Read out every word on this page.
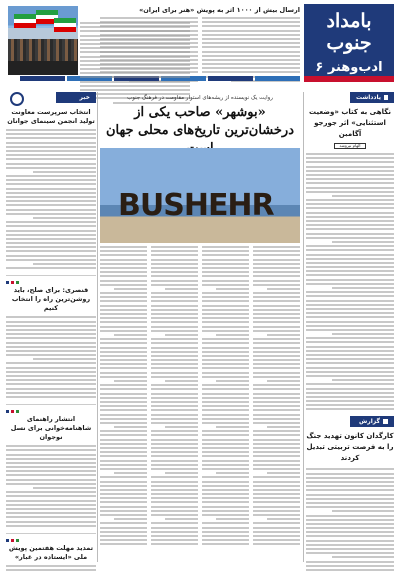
بامداد جنوب
ادب‌وهنر ۶
ارسال بیش از ۱۰۰۰ اثر به پویش «هنر برای ایران»
روایت یک نویسنده از ریشه‌های استوار مقاومت در فرهنگ جنوب
«بوشهر» صاحب یکی از درخشان‌ترین تاریخ‌های محلی جهان
BUSHEHR
یادداشت
نگاهی به کتاب «وضعیت استثنایی» اثر جورجو آگامبن
الهام نیرومند
گزارش
کارگدان کانون تهدید جنگ را به فرصت تربیتی تبدیل کردند
خبر
انتخاب سرپرست معاونت تولید انجمن سینمای جوانان
قنصری: برای صلح، باید روشن‌ترین راه را انتخاب کنیم
انتشار راهنمای شاهنامه‌خوانی برای نسل نوجوان
تمدید مهلت هفتمین پویش ملی «ایستاده در غبار»
